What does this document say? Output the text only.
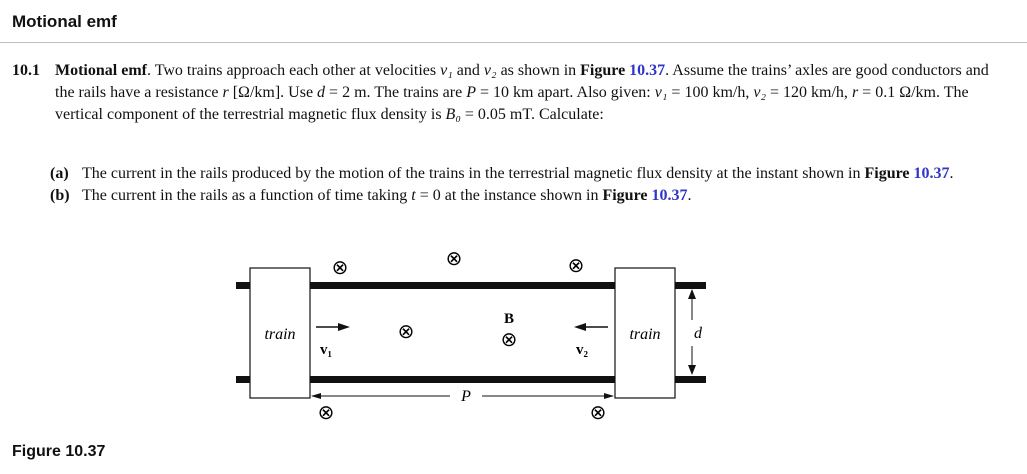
Motional emf
10.1 Motional emf. Two trains approach each other at velocities v₁ and v₂ as shown in Figure 10.37. Assume the trains’ axles are good conductors and the rails have a resistance r [Ω/km]. Use d = 2 m. The trains are P = 10 km apart. Also given: v₁ = 100 km/h, v₂ = 120 km/h, r = 0.1 Ω/km. The vertical component of the terrestrial magnetic flux density is B₀ = 0.05 mT. Calculate:
(a) The current in the rails produced by the motion of the trains in the terrestrial magnetic flux density at the instant shown in Figure 10.37.
(b) The current in the rails as a function of time taking t = 0 at the instance shown in Figure 10.37.
train	train
v₁	v₂
B
⊗	⊗	⊗
⊗	⊗
⊗	⊗
P
d
Figure 10.37
